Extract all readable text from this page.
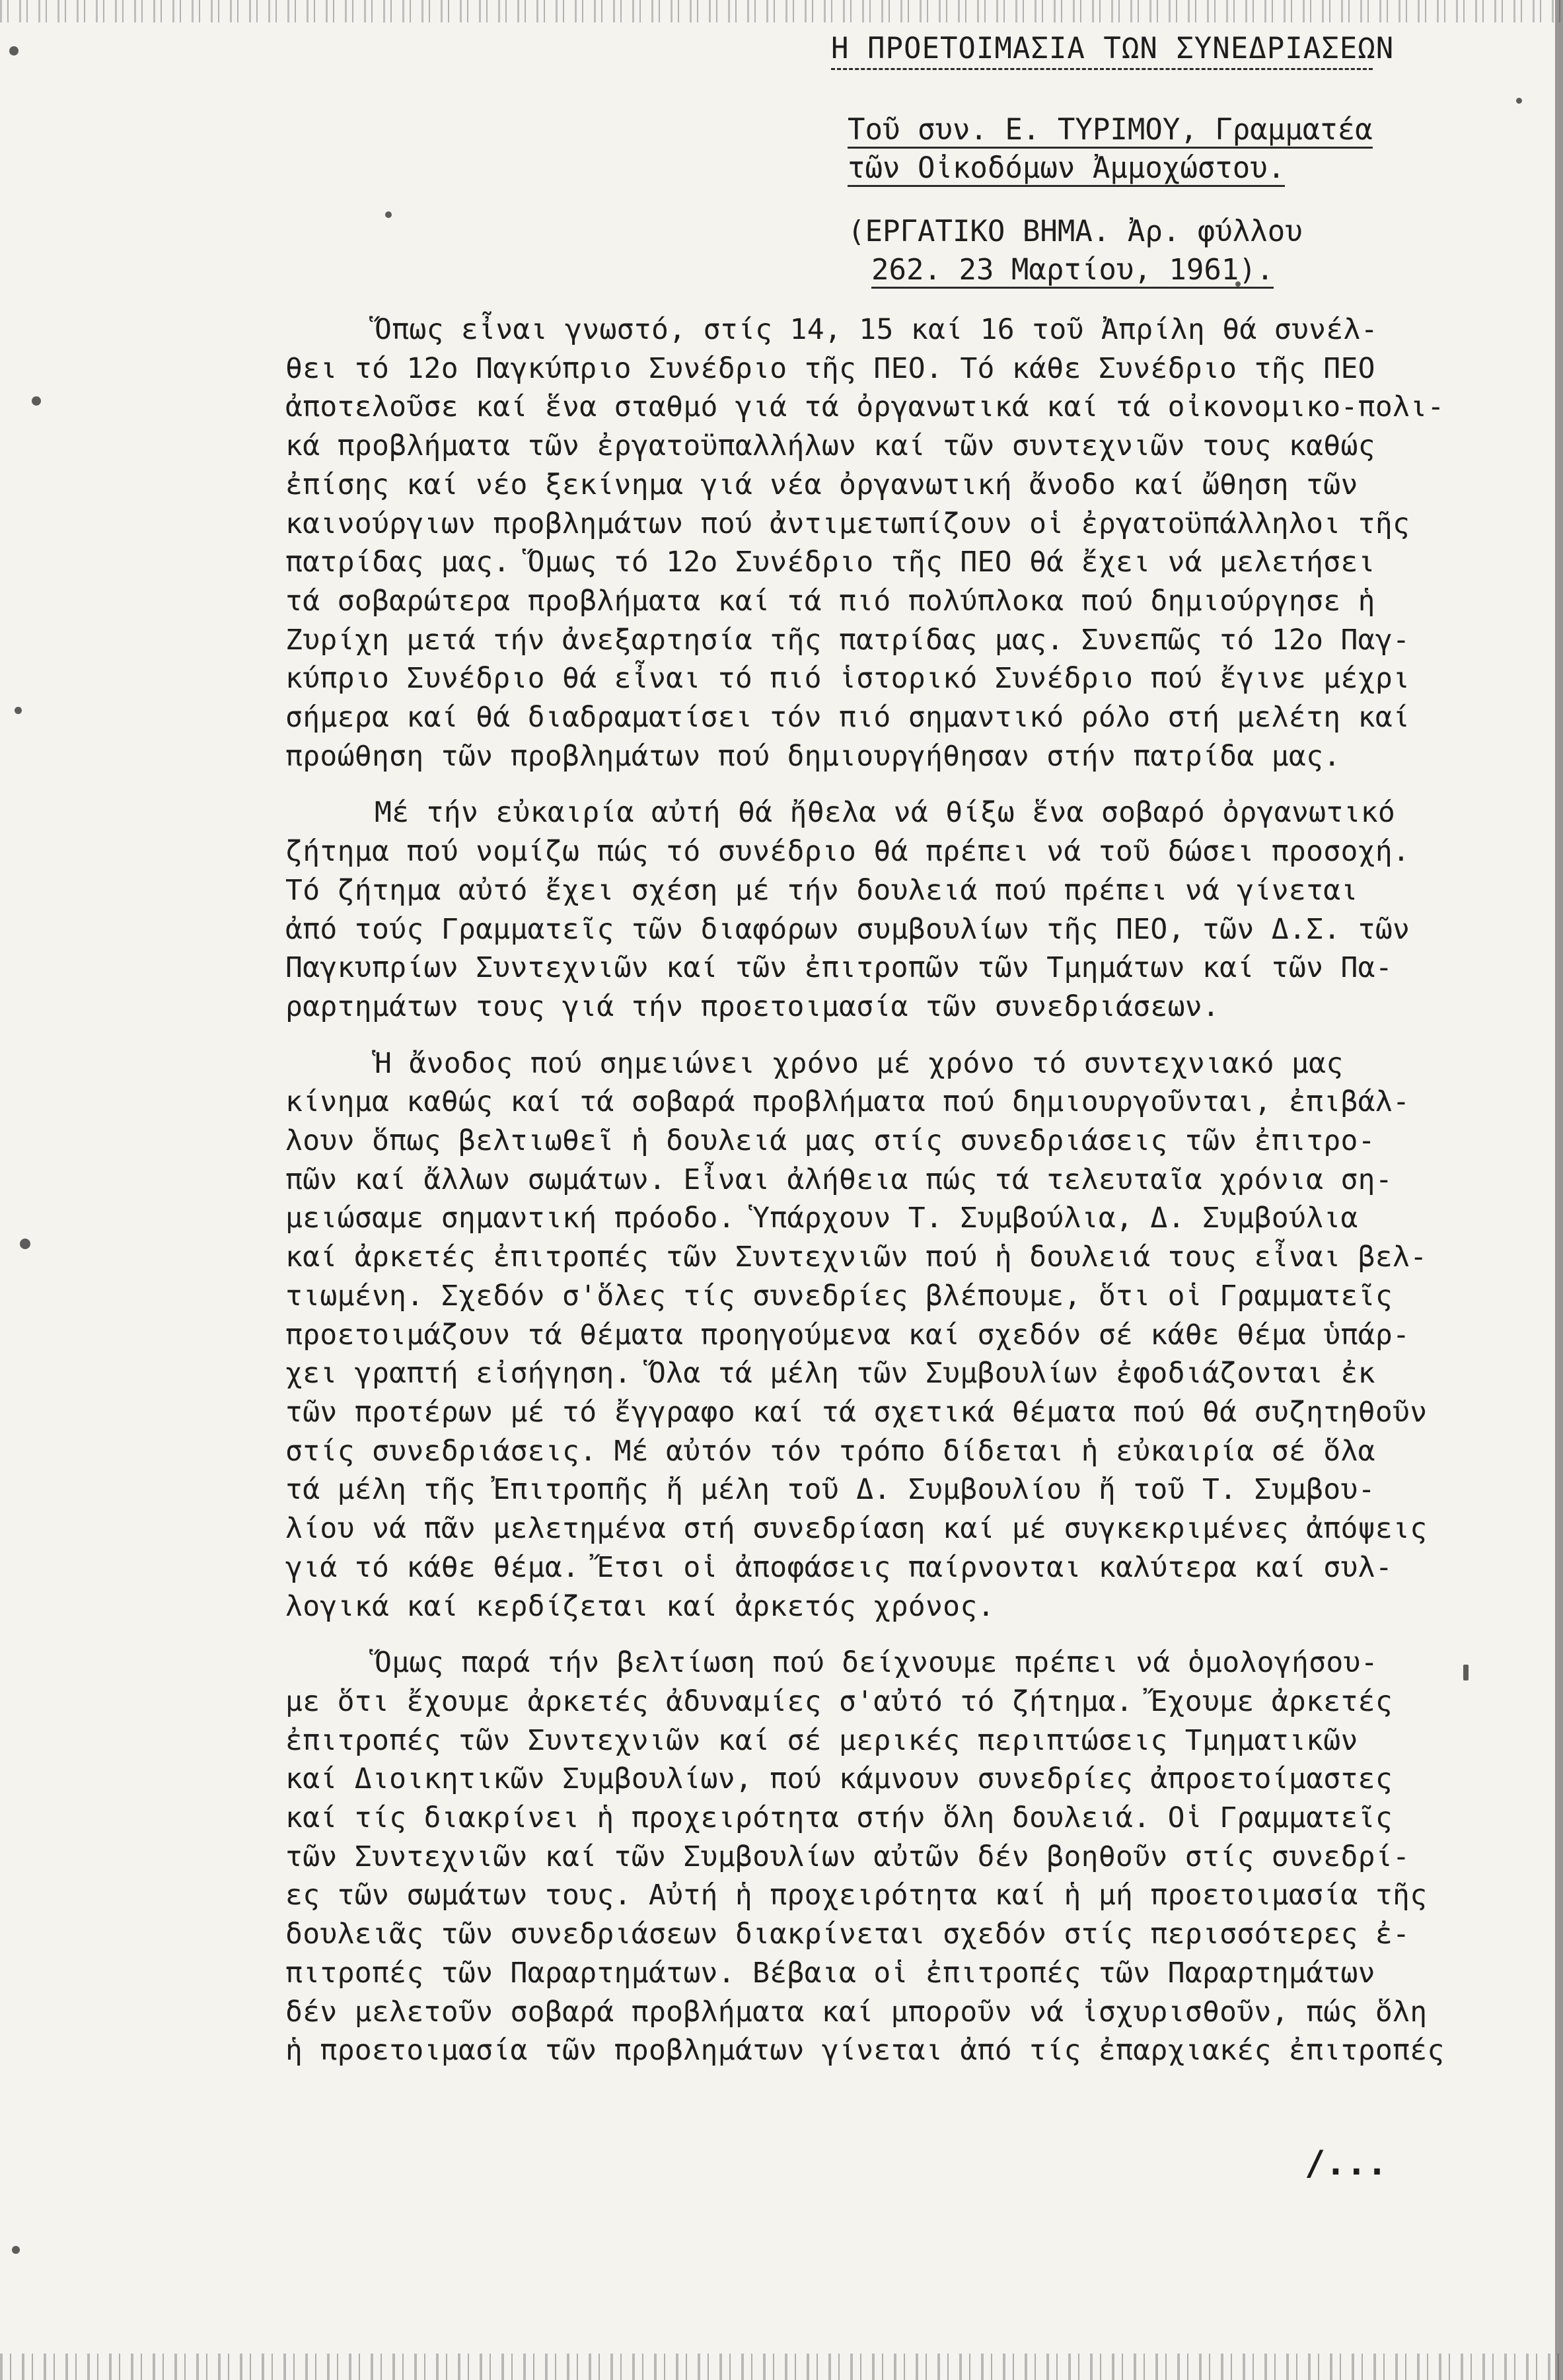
Η ΠΡΟΕΤΟΙΜΑΣΙΑ ΤΩΝ ΣΥΝΕΔΡΙΑΣΕΩΝ
Τοῦ συν. Ε. ΤΥΡΙΜΟΥ, Γραμματέα
τῶν Οἰκοδόμων Ἀμμοχώστου.
(ΕΡΓΑΤΙΚΟ ΒΗΜΑ. Ἀρ. φύλλου
262. 23 Μαρτίου, 1961).
Ὅπως εἶναι γνωστό, στίς 14, 15 καί 16 τοῦ Ἀπρίλη θά συνέλ-
θει τό 12ο Παγκύπριο Συνέδριο τῆς ΠΕΟ. Τό κάθε Συνέδριο τῆς ΠΕΟ
ἀποτελοῦσε καί ἕνα σταθμό γιά τά ὀργανωτικά καί τά οἰκονομικο-πολι-
κά προβλήματα τῶν ἐργατοϋπαλλήλων καί τῶν συντεχνιῶν τους καθώς
ἐπίσης καί νέο ξεκίνημα γιά νέα ὀργανωτική ἄνοδο καί ὤθηση τῶν
καινούργιων προβλημάτων πού ἀντιμετωπίζουν οἱ ἐργατοϋπάλληλοι τῆς
πατρίδας μας. Ὅμως τό 12ο Συνέδριο τῆς ΠΕΟ θά ἔχει νά μελετήσει
τά σοβαρώτερα προβλήματα καί τά πιό πολύπλοκα πού δημιούργησε ἡ
Ζυρίχη μετά τήν ἀνεξαρτησία τῆς πατρίδας μας. Συνεπῶς τό 12ο Παγ-
κύπριο Συνέδριο θά εἶναι τό πιό ἱστορικό Συνέδριο πού ἔγινε μέχρι
σήμερα καί θά διαδραματίσει τόν πιό σημαντικό ρόλο στή μελέτη καί
προώθηση τῶν προβλημάτων πού δημιουργήθησαν στήν πατρίδα μας.
Μέ τήν εὐκαιρία αὐτή θά ἤθελα νά θίξω ἕνα σοβαρό ὀργανωτικό
ζήτημα πού νομίζω πώς τό συνέδριο θά πρέπει νά τοῦ δώσει προσοχή.
Τό ζήτημα αὐτό ἔχει σχέση μέ τήν δουλειά πού πρέπει νά γίνεται
ἀπό τούς Γραμματεῖς τῶν διαφόρων συμβουλίων τῆς ΠΕΟ, τῶν Δ.Σ. τῶν
Παγκυπρίων Συντεχνιῶν καί τῶν ἐπιτροπῶν τῶν Τμημάτων καί τῶν Πα-
ραρτημάτων τους γιά τήν προετοιμασία τῶν συνεδριάσεων.
Ἡ ἄνοδος πού σημειώνει χρόνο μέ χρόνο τό συντεχνιακό μας
κίνημα καθώς καί τά σοβαρά προβλήματα πού δημιουργοῦνται, ἐπιβάλ-
λουν ὅπως βελτιωθεῖ ἡ δουλειά μας στίς συνεδριάσεις τῶν ἐπιτρο-
πῶν καί ἄλλων σωμάτων. Εἶναι ἀλήθεια πώς τά τελευταῖα χρόνια ση-
μειώσαμε σημαντική πρόοδο. Ὑπάρχουν Τ. Συμβούλια, Δ. Συμβούλια
καί ἀρκετές ἐπιτροπές τῶν Συντεχνιῶν πού ἡ δουλειά τους εἶναι βελ-
τιωμένη. Σχεδόν σ'ὅλες τίς συνεδρίες βλέπουμε, ὅτι οἱ Γραμματεῖς
προετοιμάζουν τά θέματα προηγούμενα καί σχεδόν σέ κάθε θέμα ὑπάρ-
χει γραπτή εἰσήγηση. Ὅλα τά μέλη τῶν Συμβουλίων ἐφοδιάζονται ἐκ
τῶν προτέρων μέ τό ἔγγραφο καί τά σχετικά θέματα πού θά συζητηθοῦν
στίς συνεδριάσεις. Μέ αὐτόν τόν τρόπο δίδεται ἡ εὐκαιρία σέ ὅλα
τά μέλη τῆς Ἐπιτροπῆς ἤ μέλη τοῦ Δ. Συμβουλίου ἤ τοῦ Τ. Συμβου-
λίου νά πᾶν μελετημένα στή συνεδρίαση καί μέ συγκεκριμένες ἀπόψεις
γιά τό κάθε θέμα. Ἔτσι οἱ ἀποφάσεις παίρνονται καλύτερα καί συλ-
λογικά καί κερδίζεται καί ἀρκετός χρόνος.
Ὅμως παρά τήν βελτίωση πού δείχνουμε πρέπει νά ὁμολογήσου-
με ὅτι ἔχουμε ἀρκετές ἀδυναμίες σ'αὐτό τό ζήτημα. Ἔχουμε ἀρκετές
ἐπιτροπές τῶν Συντεχνιῶν καί σέ μερικές περιπτώσεις Τμηματικῶν
καί Διοικητικῶν Συμβουλίων, πού κάμνουν συνεδρίες ἀπροετοίμαστες
καί τίς διακρίνει ἡ προχειρότητα στήν ὅλη δουλειά. Οἱ Γραμματεῖς
τῶν Συντεχνιῶν καί τῶν Συμβουλίων αὐτῶν δέν βοηθοῦν στίς συνεδρί-
ες τῶν σωμάτων τους. Αὐτή ἡ προχειρότητα καί ἡ μή προετοιμασία τῆς
δουλειᾶς τῶν συνεδριάσεων διακρίνεται σχεδόν στίς περισσότερες ἐ-
πιτροπές τῶν Παραρτημάτων. Βέβαια οἱ ἐπιτροπές τῶν Παραρτημάτων
δέν μελετοῦν σοβαρά προβλήματα καί μποροῦν νά ἰσχυρισθοῦν, πώς ὅλη
ἡ προετοιμασία τῶν προβλημάτων γίνεται ἀπό τίς ἐπαρχιακές ἐπιτροπές
/...
